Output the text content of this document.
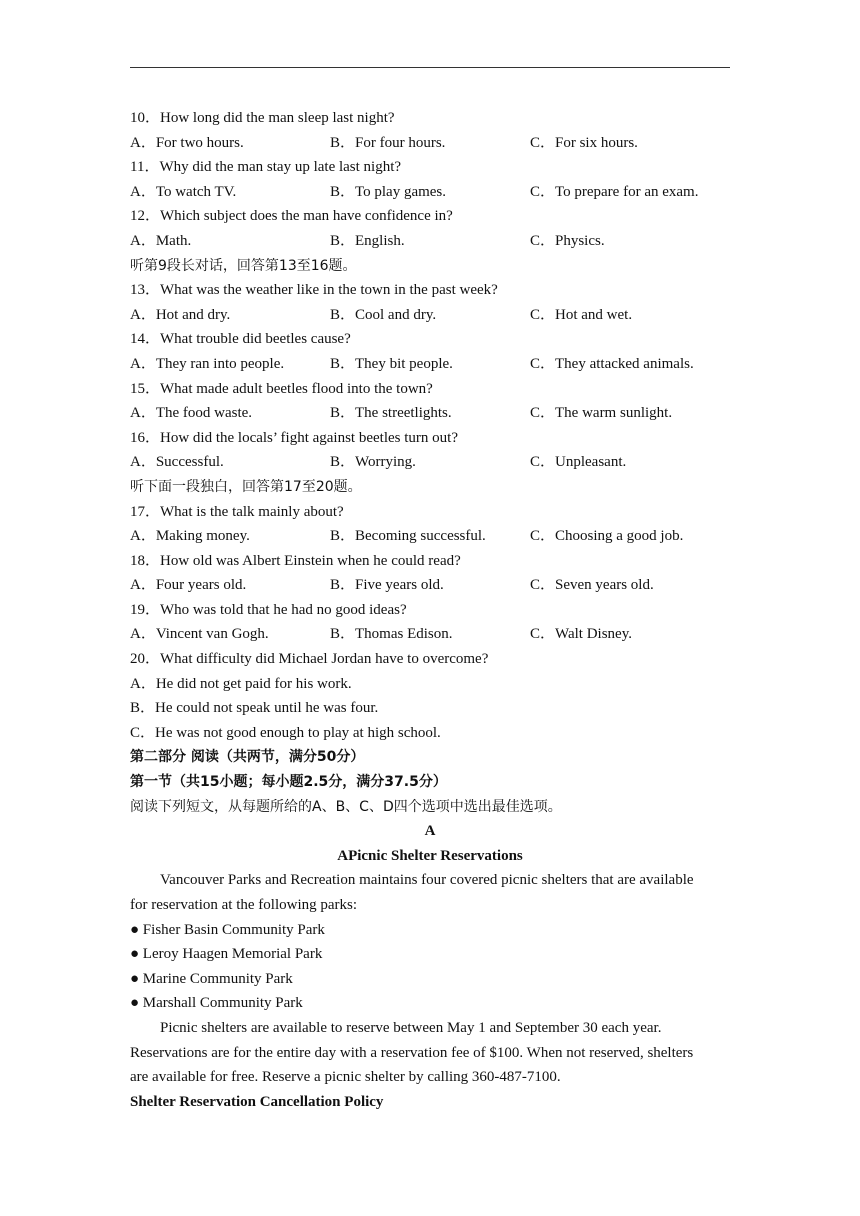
10．How long did the man sleep last night?
A．For two hours.	B．For four hours.	C．For six hours.
11．Why did the man stay up late last night?
A．To watch TV.	B．To play games.	C．To prepare for an exam.
12．Which subject does the man have confidence in?
A．Math.	B．English.	C．Physics.
听第9段长对话，回答第13至16题。
13．What was the weather like in the town in the past week?
A．Hot and dry.	B．Cool and dry.	C．Hot and wet.
14．What trouble did beetles cause?
A．They ran into people.	B．They bit people.	C．They attacked animals.
15．What made adult beetles flood into the town?
A．The food waste.	B．The streetlights.	C．The warm sunlight.
16．How did the locals’ fight against beetles turn out?
A．Successful.	B．Worrying.	C．Unpleasant.
听下面一段独白，回答第17至20题。
17．What is the talk mainly about?
A．Making money.	B．Becoming successful.	C．Choosing a good job.
18．How old was Albert Einstein when he could read?
A．Four years old.	B．Five years old.	C．Seven years old.
19．Who was told that he had no good ideas?
A．Vincent van Gogh.	B．Thomas Edison.	C．Walt Disney.
20．What difficulty did Michael Jordan have to overcome?
A．He did not get paid for his work.
B．He could not speak until he was four.
C．He was not good enough to play at high school.
第二部分 阅读（共两节，满分50分）
第一节（共15小题；每小题2.5分，满分37.5分）
阅读下列短文，从每题所给的A、B、C、D四个选项中选出最佳选项。
A
APicnic Shelter Reservations
Vancouver Parks and Recreation maintains four covered picnic shelters that are available
for reservation at the following parks:
● Fisher Basin Community Park
● Leroy Haagen Memorial Park
● Marine Community Park
● Marshall Community Park
Picnic shelters are available to reserve between May 1 and September 30 each year.
Reservations are for the entire day with a reservation fee of $100. When not reserved, shelters
are available for free. Reserve a picnic shelter by calling 360-487-7100.
Shelter Reservation Cancellation Policy
